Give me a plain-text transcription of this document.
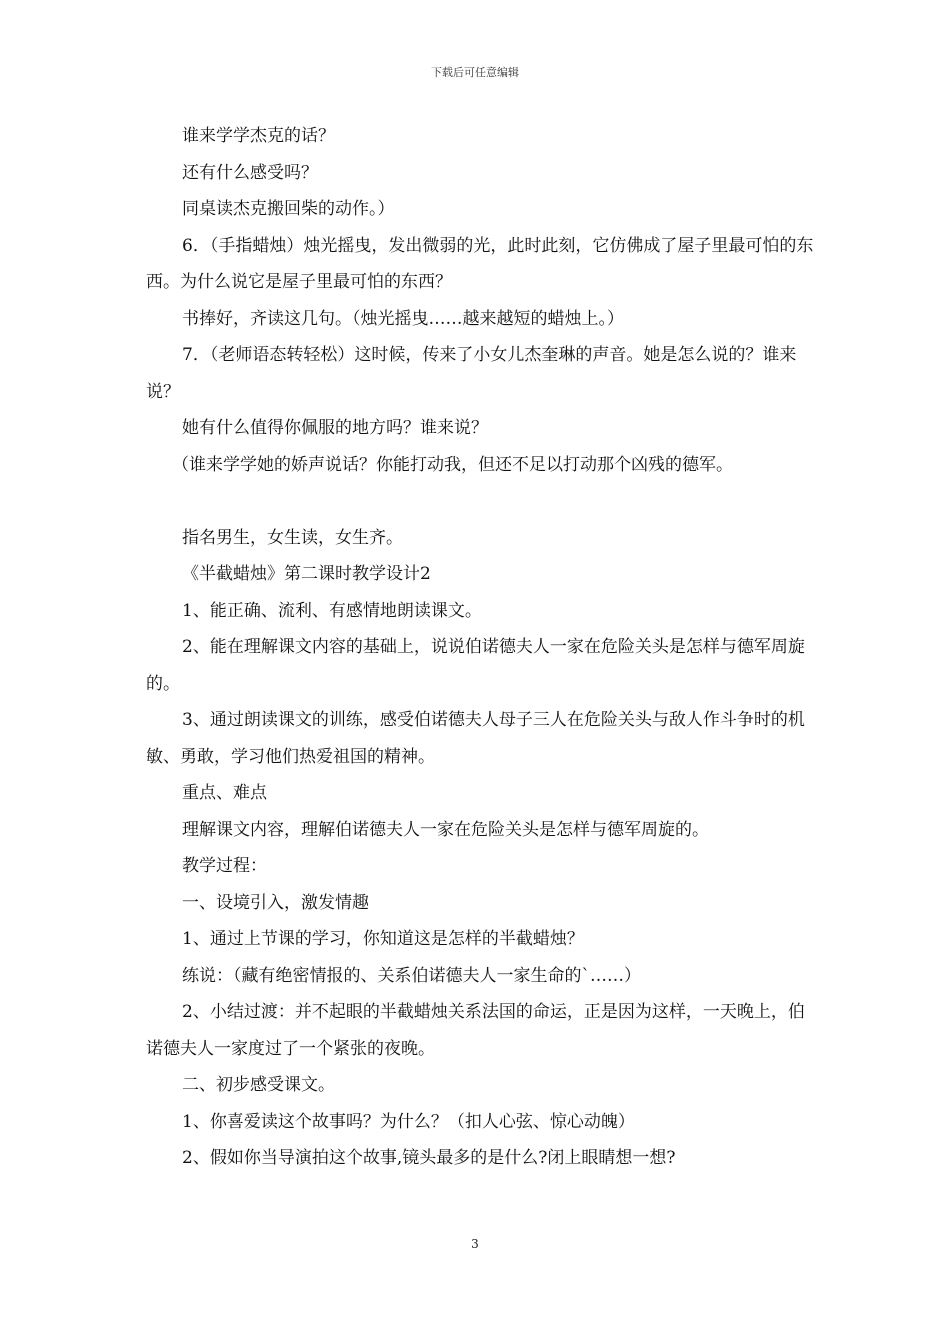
下载后可任意编辑

谁来学学杰克的话？

还有什么感受吗？

同桌读杰克搬回柴的动作。）

6．（手指蜡烛）烛光摇曳，发出微弱的光，此时此刻，它仿佛成了屋子里最可怕的东西。为什么说它是屋子里最可怕的东西？

书捧好，齐读这几句。（烛光摇曳……越来越短的蜡烛上。）

7．（老师语态转轻松）这时候，传来了小女儿杰奎琳的声音。她是怎么说的？谁来说？

她有什么值得你佩服的地方吗？谁来说？

（谁来学学她的娇声说话？你能打动我，但还不足以打动那个凶残的德军。

指名男生，女生读，女生齐。

《半截蜡烛》第二课时教学设计2

1、能正确、流利、有感情地朗读课文。

2、能在理解课文内容的基础上，说说伯诺德夫人一家在危险关头是怎样与德军周旋的。

3、通过朗读课文的训练，感受伯诺德夫人母子三人在危险关头与敌人作斗争时的机敏、勇敢，学习他们热爱祖国的精神。

重点、难点

理解课文内容，理解伯诺德夫人一家在危险关头是怎样与德军周旋的。

教学过程：

一、设境引入，激发情趣

1、通过上节课的学习，你知道这是怎样的半截蜡烛？

练说：（藏有绝密情报的、关系伯诺德夫人一家生命的`……）

2、小结过渡：并不起眼的半截蜡烛关系法国的命运，正是因为这样，一天晚上，伯诺德夫人一家度过了一个紧张的夜晚。

二、初步感受课文。

1、你喜爱读这个故事吗？为什么？（扣人心弦、惊心动魄）

2、假如你当导演拍这个故事,镜头最多的是什么?闭上眼睛想一想?

3
